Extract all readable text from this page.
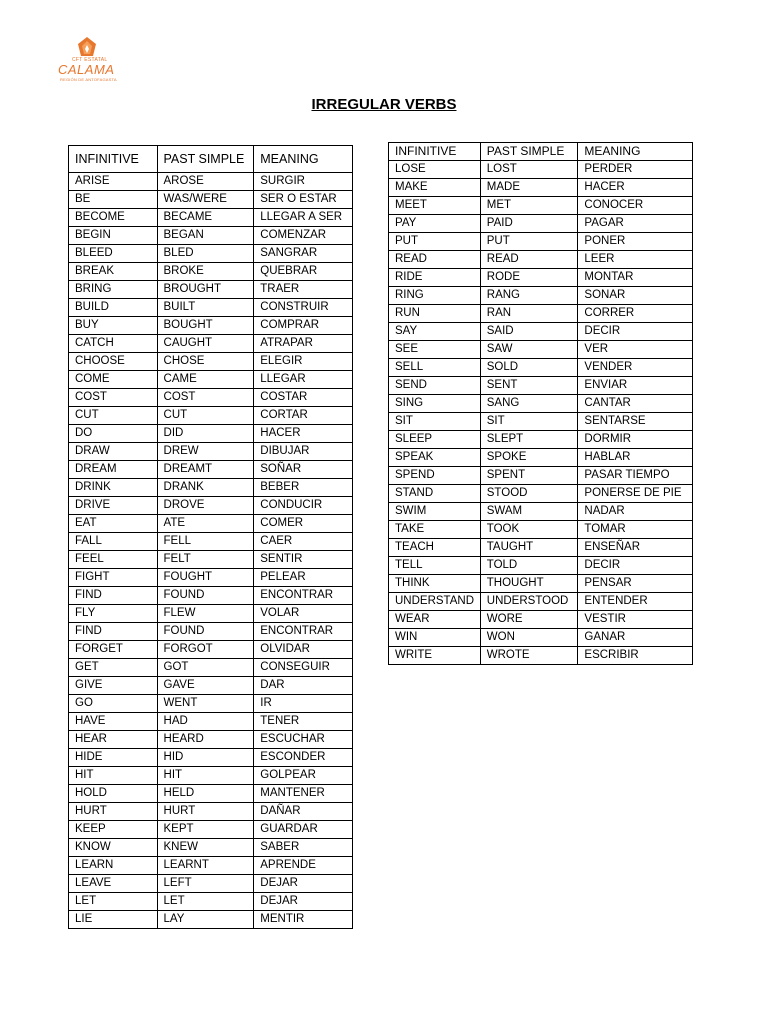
CFT ESTATAL
CALAMA
REGIÓN DE ANTOFAGASTA
IRREGULAR VERBS
INFINITIVE	PAST SIMPLE	MEANING
ARISE	AROSE	SURGIR
BE	WAS/WERE	SER O ESTAR
BECOME	BECAME	LLEGAR A SER
BEGIN	BEGAN	COMENZAR
BLEED	BLED	SANGRAR
BREAK	BROKE	QUEBRAR
BRING	BROUGHT	TRAER
BUILD	BUILT	CONSTRUIR
BUY	BOUGHT	COMPRAR
CATCH	CAUGHT	ATRAPAR
CHOOSE	CHOSE	ELEGIR
COME	CAME	LLEGAR
COST	COST	COSTAR
CUT	CUT	CORTAR
DO	DID	HACER
DRAW	DREW	DIBUJAR
DREAM	DREAMT	SOÑAR
DRINK	DRANK	BEBER
DRIVE	DROVE	CONDUCIR
EAT	ATE	COMER
FALL	FELL	CAER
FEEL	FELT	SENTIR
FIGHT	FOUGHT	PELEAR
FIND	FOUND	ENCONTRAR
FLY	FLEW	VOLAR
FIND	FOUND	ENCONTRAR
FORGET	FORGOT	OLVIDAR
GET	GOT	CONSEGUIR
GIVE	GAVE	DAR
GO	WENT	IR
HAVE	HAD	TENER
HEAR	HEARD	ESCUCHAR
HIDE	HID	ESCONDER
HIT	HIT	GOLPEAR
HOLD	HELD	MANTENER
HURT	HURT	DAÑAR
KEEP	KEPT	GUARDAR
KNOW	KNEW	SABER
LEARN	LEARNT	APRENDE
LEAVE	LEFT	DEJAR
LET	LET	DEJAR
LIE	LAY	MENTIR
INFINITIVE	PAST SIMPLE	MEANING
LOSE	LOST	PERDER
MAKE	MADE	HACER
MEET	MET	CONOCER
PAY	PAID	PAGAR
PUT	PUT	PONER
READ	READ	LEER
RIDE	RODE	MONTAR
RING	RANG	SONAR
RUN	RAN	CORRER
SAY	SAID	DECIR
SEE	SAW	VER
SELL	SOLD	VENDER
SEND	SENT	ENVIAR
SING	SANG	CANTAR
SIT	SIT	SENTARSE
SLEEP	SLEPT	DORMIR
SPEAK	SPOKE	HABLAR
SPEND	SPENT	PASAR TIEMPO
STAND	STOOD	PONERSE DE PIE
SWIM	SWAM	NADAR
TAKE	TOOK	TOMAR
TEACH	TAUGHT	ENSEÑAR
TELL	TOLD	DECIR
THINK	THOUGHT	PENSAR
UNDERSTAND	UNDERSTOOD	ENTENDER
WEAR	WORE	VESTIR
WIN	WON	GANAR
WRITE	WROTE	ESCRIBIR
